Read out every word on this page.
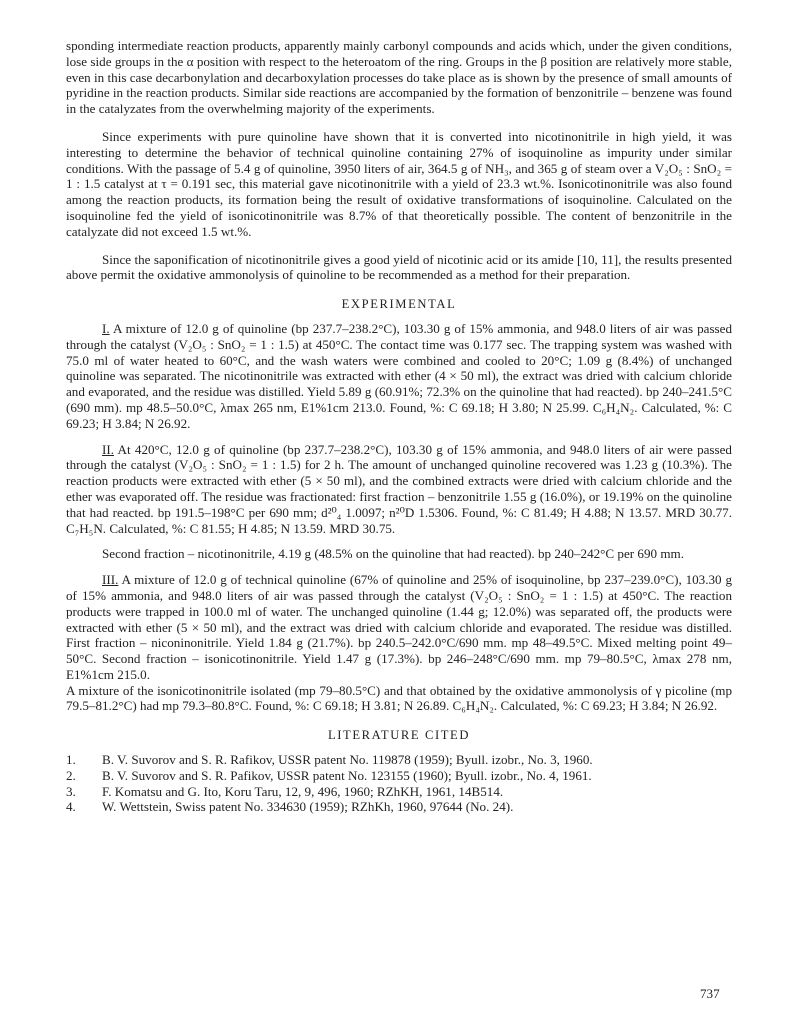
sponding intermediate reaction products, apparently mainly carbonyl compounds and acids which, under the given conditions, lose side groups in the α position with respect to the heteroatom of the ring. Groups in the β position are relatively more stable, even in this case decarbonylation and decarboxylation processes do take place as is shown by the presence of small amounts of pyridine in the reaction products. Similar side reactions are accompanied by the formation of benzonitrile – benzene was found in the catalyzates from the overwhelming majority of the experiments.

Since experiments with pure quinoline have shown that it is converted into nicotinonitrile in high yield, it was interesting to determine the behavior of technical quinoline containing 27% of isoquinoline as impurity under similar conditions. With the passage of 5.4 g of quinoline, 3950 liters of air, 364.5 g of NH₃, and 365 g of steam over a V₂O₅ : SnO₂ = 1 : 1.5 catalyst at τ = 0.191 sec, this material gave nicotinonitrile with a yield of 23.3 wt.%. Isonicotinonitrile was also found among the reaction products, its formation being the result of oxidative transformations of isoquinoline. Calculated on the isoquinoline fed the yield of isonicotinonitrile was 8.7% of that theoretically possible. The content of benzonitrile in the catalyzate did not exceed 1.5 wt.%.

Since the saponification of nicotinonitrile gives a good yield of nicotinic acid or its amide [10, 11], the results presented above permit the oxidative ammonolysis of quinoline to be recommended as a method for their preparation.

EXPERIMENTAL

I. A mixture of 12.0 g of quinoline (bp 237.7–238.2°C), 103.30 g of 15% ammonia, and 948.0 liters of air was passed through the catalyst (V₂O₅ : SnO₂ = 1 : 1.5) at 450°C. The contact time was 0.177 sec. The trapping system was washed with 75.0 ml of water heated to 60°C, and the wash waters were combined and cooled to 20°C; 1.09 g (8.4%) of unchanged quinoline was separated. The nicotinonitrile was extracted with ether (4 × 50 ml), the extract was dried with calcium chloride and evaporated, and the residue was distilled. Yield 5.89 g (60.91%; 72.3% on the quinoline that had reacted). bp 240–241.5°C (690 mm). mp 48.5–50.0°C, λmax 265 nm, E1%1cm 213.0. Found, %: C 69.18; H 3.80; N 25.99. C₆H₄N₂. Calculated, %: C 69.23; H 3.84; N 26.92.

II. At 420°C, 12.0 g of quinoline (bp 237.7–238.2°C), 103.30 g of 15% ammonia, and 948.0 liters of air were passed through the catalyst (V₂O₅ : SnO₂ = 1 : 1.5) for 2 h. The amount of unchanged quinoline recovered was 1.23 g (10.3%). The reaction products were extracted with ether (5 × 50 ml), and the combined extracts were dried with calcium chloride and the ether was evaporated off. The residue was fractionated: first fraction – benzonitrile 1.55 g (16.0%), or 19.19% on the quinoline that had reacted. bp 191.5–198°C per 690 mm; d²⁰₄ 1.0097; n²⁰D 1.5306. Found, %: C 81.49; H 4.88; N 13.57. MRD 30.77. C₇H₅N. Calculated, %: C 81.55; H 4.85; N 13.59. MRD 30.75.

Second fraction – nicotinonitrile, 4.19 g (48.5% on the quinoline that had reacted). bp 240–242°C per 690 mm.

III. A mixture of 12.0 g of technical quinoline (67% of quinoline and 25% of isoquinoline, bp 237–239.0°C), 103.30 g of 15% ammonia, and 948.0 liters of air was passed through the catalyst (V₂O₅ : SnO₂ = 1 : 1.5) at 450°C. The reaction products were trapped in 100.0 ml of water. The unchanged quinoline (1.44 g; 12.0%) was separated off, the products were extracted with ether (5 × 50 ml), and the extract was dried with calcium chloride and evaporated. The residue was distilled. First fraction – niconinonitrile. Yield 1.84 g (21.7%). bp 240.5–242.0°C/690 mm. mp 48–49.5°C. Mixed melting point 49–50°C. Second fraction – isonicotinonitrile. Yield 1.47 g (17.3%). bp 246–248°C/690 mm. mp 79–80.5°C, λmax 278 nm, E1%1cm 215.0.

A mixture of the isonicotinonitrile isolated (mp 79–80.5°C) and that obtained by the oxidative ammonolysis of γ picoline (mp 79.5–81.2°C) had mp 79.3–80.8°C. Found, %: C 69.18; H 3.81; N 26.89. C₆H₄N₂. Calculated, %: C 69.23; H 3.84; N 26.92.

LITERATURE CITED
1.	B. V. Suvorov and S. R. Rafikov, USSR patent No. 119878 (1959); Byull. izobr., No. 3, 1960.
2.	B. V. Suvorov and S. R. Pafikov, USSR patent No. 123155 (1960); Byull. izobr., No. 4, 1961.
3.	F. Komatsu and G. Ito, Koru Taru, 12, 9, 496, 1960; RZhKH, 1961, 14B514.
4.	W. Wettstein, Swiss patent No. 334630 (1959); RZhKh, 1960, 97644 (No. 24).
737
